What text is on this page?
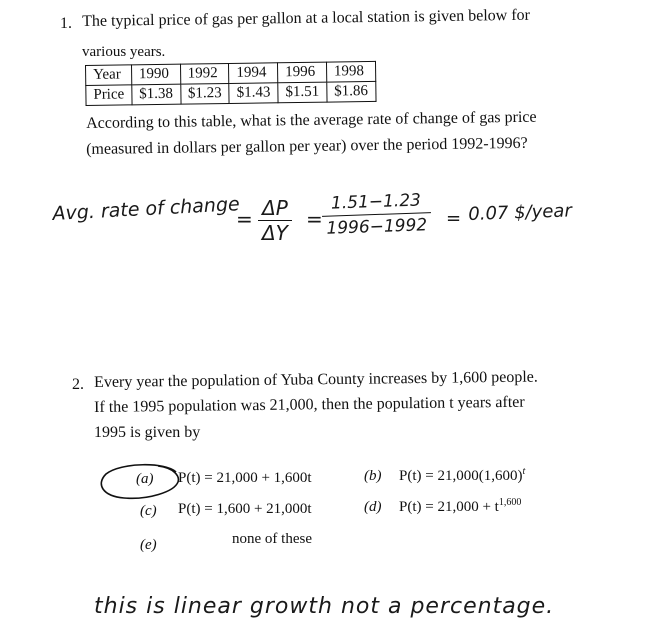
1. The typical price of gas per gallon at a local station is given below for
various years.
Year	1990	1992	1994	1996	1998
Price	$1.38	$1.23	$1.43	$1.51	$1.86
According to this table, what is the average rate of change of gas price
(measured in dollars per gallon per year) over the period 1992-1996?
Avg. rate of change
= $\frac{\Delta P}{\Delta Y}$ =
$\frac{1.51-1.23}{1996-1992} = 0.07$ $/year
2. Every year the population of Yuba County increases by 1,600 people.
If the 1995 population was 21,000, then the population t years after
1995 is given by
(a) P(t) = 21,000 + 1,600t	(b) $P(t) = 21,000(1,600)^t$
(c) P(t) = 1,600 + 21,000t	(d) $P(t) = 21,000 + t^{1,600}$
(e)	none of these
this is linear growth not a percentage.
